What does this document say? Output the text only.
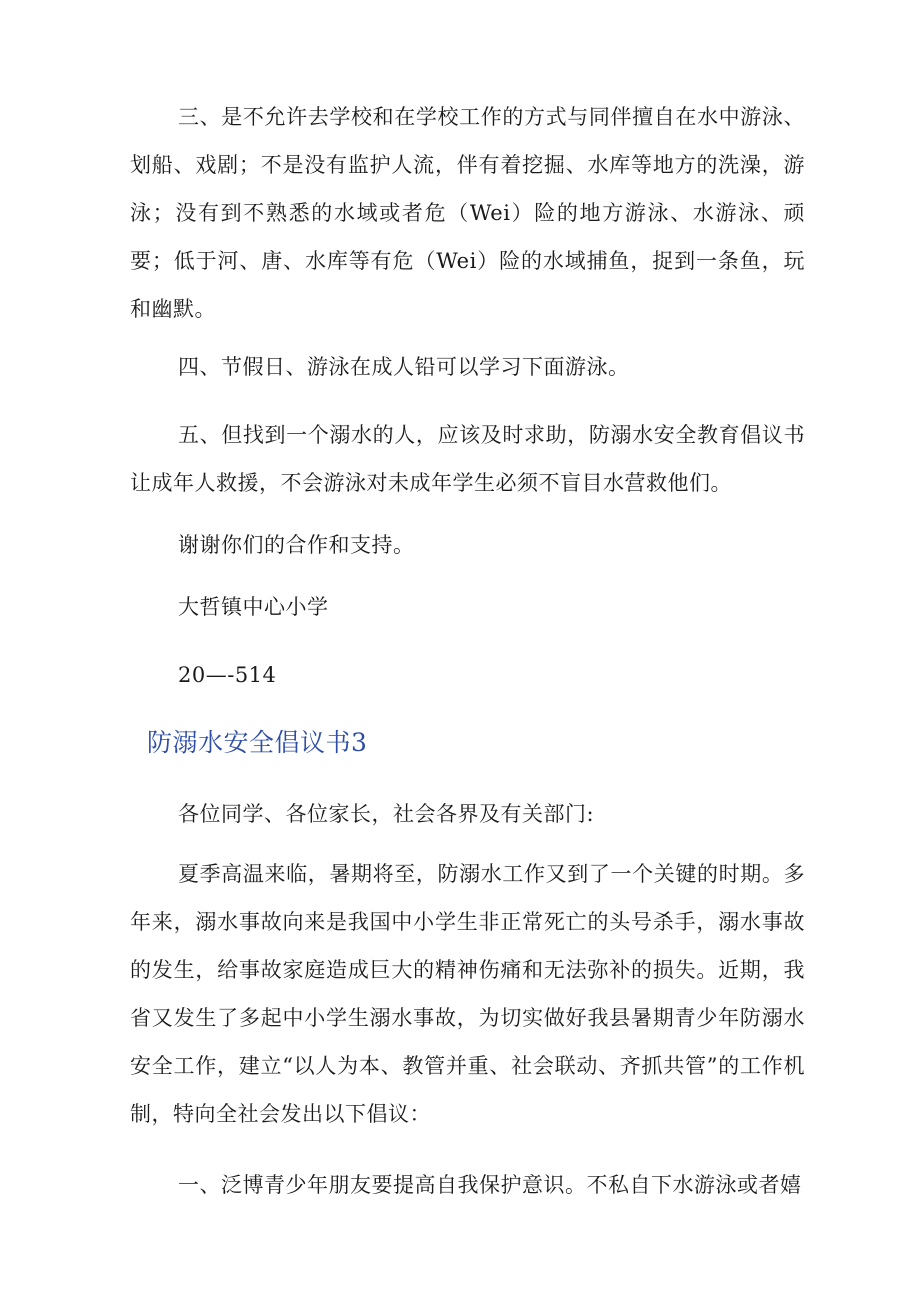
三、是不允许去学校和在学校工作的方式与同伴擅自在水中游泳、划船、戏剧；不是没有监护人流，伴有着挖掘、水库等地方的洗澡，游泳；没有到不熟悉的水域或者危（Wei）险的地方游泳、水游泳、顽要；低于河、唐、水库等有危（Wei）险的水域捕鱼，捉到一条鱼，玩和幽默。

四、节假日、游泳在成人铅可以学习下面游泳。

五、但找到一个溺水的人，应该及时求助，防溺水安全教育倡议书让成年人救援，不会游泳对未成年学生必须不盲目水营救他们。

谢谢你们的合作和支持。

大哲镇中心小学

20—-514

防溺水安全倡议书3

各位同学、各位家长，社会各界及有关部门:

夏季高温来临，暑期将至，防溺水工作又到了一个关键的时期。多年来，溺水事故向来是我国中小学生非正常死亡的头号杀手，溺水事故的发生，给事故家庭造成巨大的精神伤痛和无法弥补的损失。近期，我省又发生了多起中小学生溺水事故，为切实做好我县暑期青少年防溺水安全工作，建立“以人为本、教管并重、社会联动、齐抓共管”的工作机制，特向全社会发出以下倡议：

一、泛博青少年朋友要提高自我保护意识。不私自下水游泳或者嬉
